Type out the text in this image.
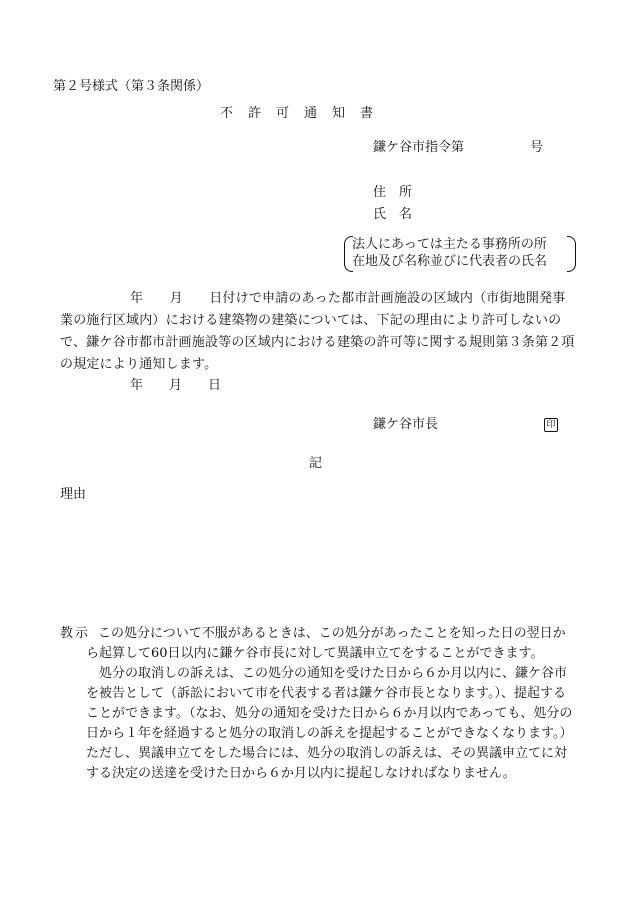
第２号様式（第３条関係）
不　許　可　通　知　書
鎌ケ谷市指令第	号
住　所
氏　名
法人にあっては主たる事務所の所
在地及び名称並びに代表者の氏名
年　　月　　日付けで申請のあった都市計画施設の区域内（市街地開発事業の施行区域内）における建築物の建築については、下記の理由により許可しないので、鎌ケ谷市都市計画施設等の区域内における建築の許可等に関する規則第３条第２項の規定により通知します。
年　　月　　日
鎌ケ谷市長	印
記
理由
教示 この処分について不服があるときは、この処分があったことを知った日の翌日から起算して60日以内に鎌ケ谷市長に対して異議申立てをすることができます。
処分の取消しの訴えは、この処分の通知を受けた日から６か月以内に、鎌ケ谷市を被告として（訴訟において市を代表する者は鎌ケ谷市長となります。）、提起することができます。（なお、処分の通知を受けた日から６か月以内であっても、処分の日から１年を経過すると処分の取消しの訴えを提起することができなくなります。）ただし、異議申立てをした場合には、処分の取消しの訴えは、その異議申立てに対する決定の送達を受けた日から６か月以内に提起しなければなりません。
